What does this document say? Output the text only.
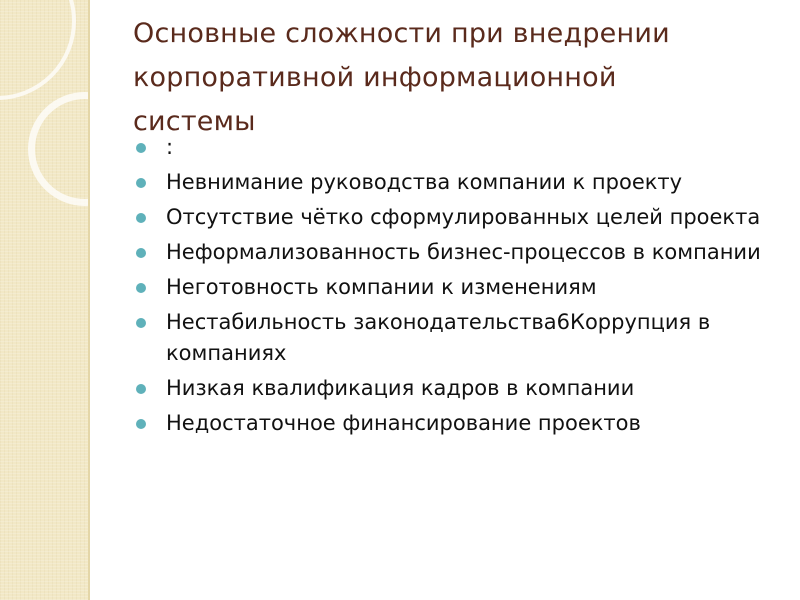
Основные сложности при внедрении
корпоративной информационной
системы
:
Невнимание руководства компании к проекту
Отсутствие чётко сформулированных целей проекта
Неформализованность бизнес-процессов в компании
Неготовность компании к изменениям
Нестабильность законодательства6Коррупция в компаниях
Низкая квалификация кадров в компании
Недостаточное финансирование проектов
